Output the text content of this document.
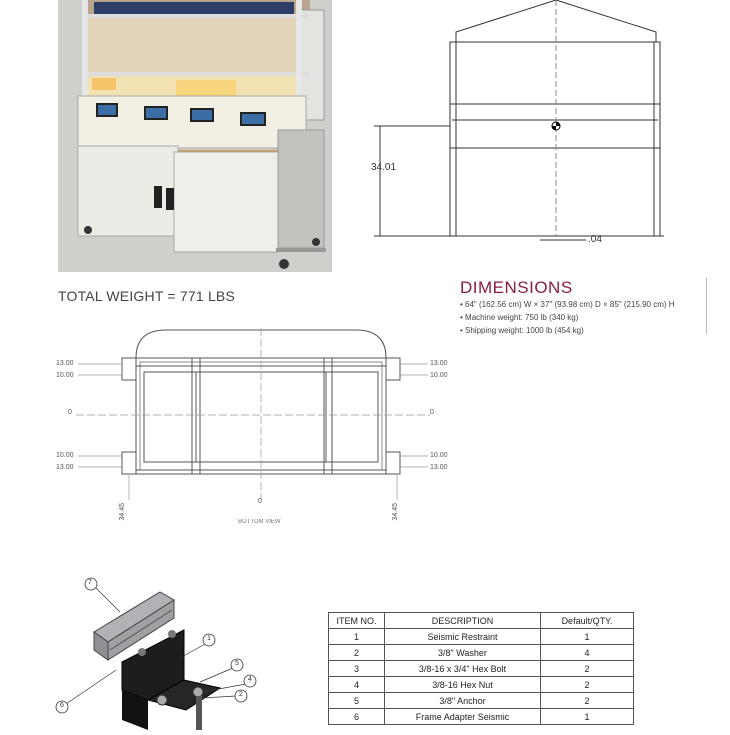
34.01
.04
TOTAL WEIGHT = 771 LBS	DIMENSIONS
• 64" (162.56 cm) W × 37" (93.98 cm) D × 85" (215.90 cm) H
• Machine weight: 750 lb (340 kg)
• Shipping weight: 1000 lb (454 kg)
13.00
10.00
0
10.00
13.00
13.00
10.00
0
10.00
13.00
34.45
0
34.45
BOTTOM VIEW
7
1
6
5
4
2
ITEM NO.	DESCRIPTION	Default/QTY.
1	Seismic Restraint	1
2	3/8" Washer	4
3	3/8-16 x 3/4" Hex Bolt	2
4	3/8-16 Hex Nut	2
5	3/8" Anchor	2
6	Frame Adapter Seismic	1
